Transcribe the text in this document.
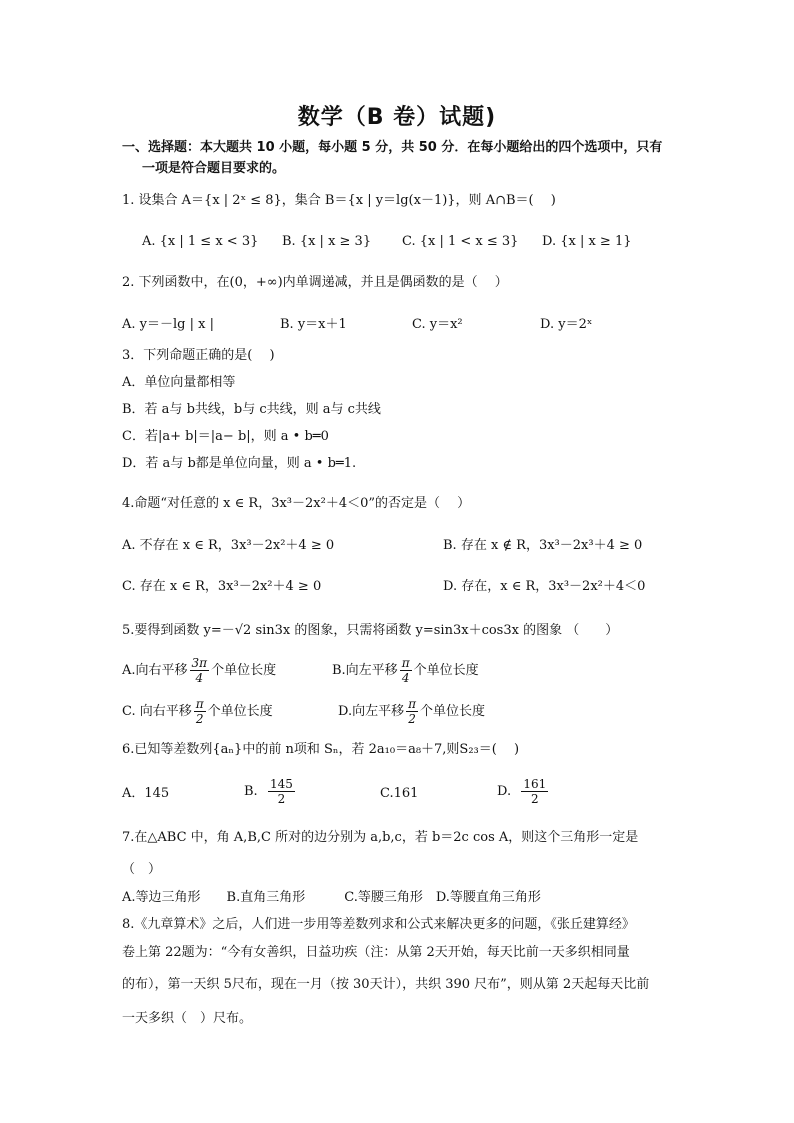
数学（B 卷）试题)
一、选择题：本大题共 10 小题，每小题 5 分，共 50 分．在每小题给出的四个选项中，只有
一项是符合题目要求的。
1. 设集合 A＝{x | 2ˣ ≤ 8}，集合 B＝{x | y＝lg(x－1)}，则 A∩B＝(　 )
A. {x | 1 ≤ x < 3} B. {x | x ≥ 3} C. {x | 1 < x ≤ 3} D. {x | x ≥ 1}
2. 下列函数中，在(0，+∞)内单调递减，并且是偶函数的是（　 ）
A. y＝－lg | x |	B. y＝x＋1	C. y＝x²	D. y＝2ˣ
3．下列命题正确的是(　 )
A．单位向量都相等
B．若 a与 b共线，b与 c共线，则 a与 c共线
C．若|a+ b|＝|a− b|，则 a • b═0
D．若 a与 b都是单位向量，则 a • b═1.
4.命题“对任意的 x ∈ R，3x³－2x²＋4＜0”的否定是（　 ）
A. 不存在 x ∈ R，3x³－2x²＋4 ≥ 0	B. 存在 x ∉ R，3x³－2x³＋4 ≥ 0
C. 存在 x ∈ R，3x³－2x²＋4 ≥ 0	D. 存在，x ∈ R，3x³－2x²＋4＜0
5.要得到函数 y=－√2 sin3x 的图象，只需将函数 y=sin3x＋cos3x 的图象 （　　）
A.向右平移 $\frac{3\pi}{4}$ 个单位长度	B.向左平移 $\frac{\pi}{4}$ 个单位长度
C. 向右平移 $\frac{\pi}{2}$ 个单位长度	D.向左平移 $\frac{\pi}{2}$ 个单位长度
6.已知等差数列{aₙ}中的前 n项和 Sₙ，若 2a₁₀＝a₈＋7,则S₂₃＝(　 )
A．145	B. $\frac{145}{2}$	C.161	D. $\frac{161}{2}$
7.在△ABC 中，角 A,B,C 所对的边分别为 a,b,c，若 b＝2c cos A，则这个三角形一定是
（　）
A.等边三角形　　B.直角三角形　　　C.等腰三角形　D.等腰直角三角形
8.《九章算术》之后，人们进一步用等差数列求和公式来解决更多的问题，《张丘建算经》
卷上第 22题为：“今有女善织，日益功疾（注：从第 2天开始，每天比前一天多织相同量
的布），第一天织 5尺布，现在一月（按 30天计），共织 390 尺布”，则从第 2天起每天比前
一天多织（　）尺布。
